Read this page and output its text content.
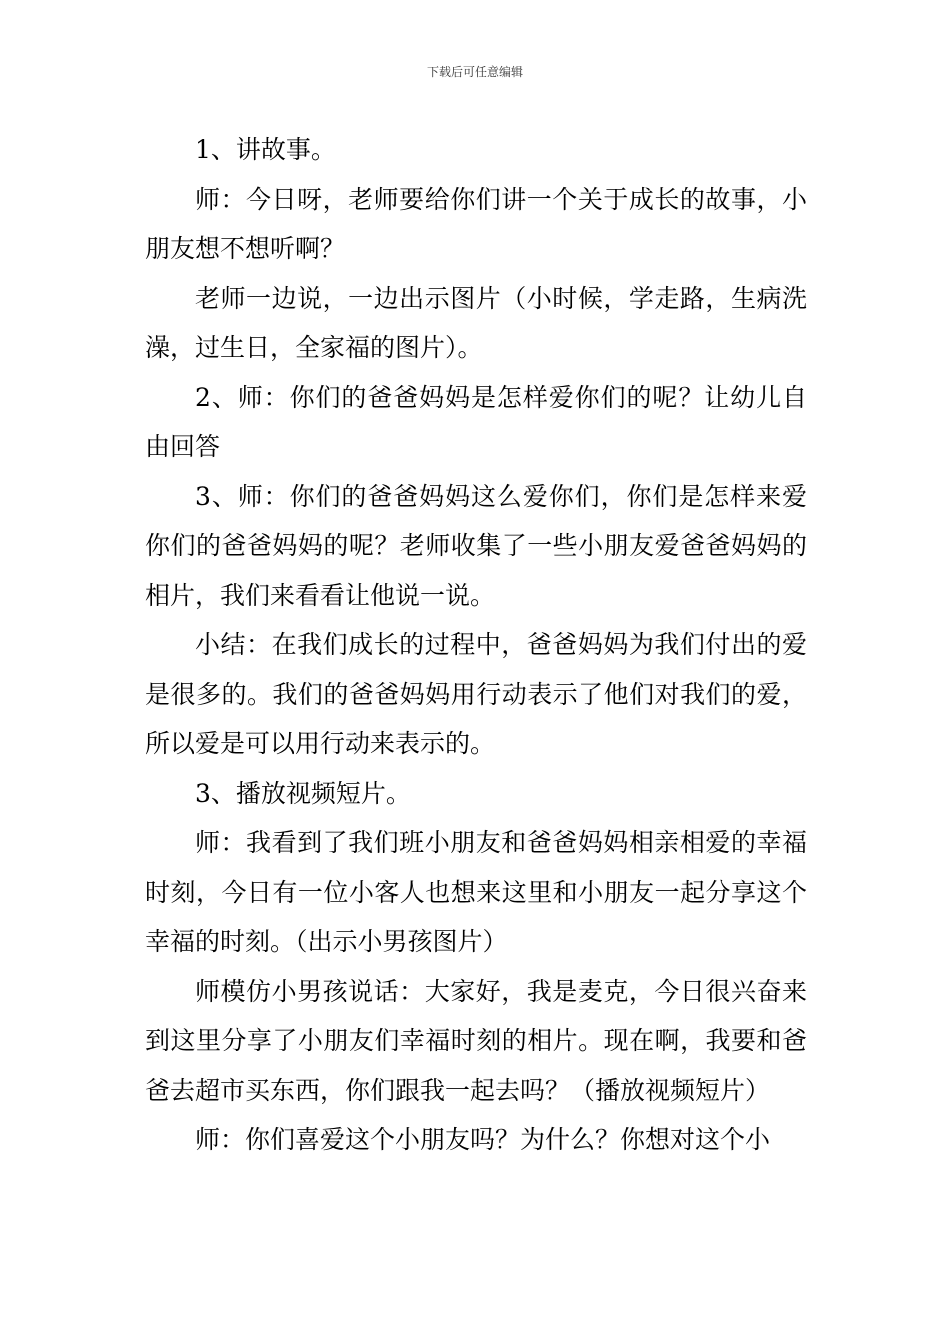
下载后可任意编辑

1、讲故事。

师：今日呀，老师要给你们讲一个关于成长的故事，小朋友想不想听啊？

老师一边说，一边出示图片（小时候，学走路，生病洗澡，过生日，全家福的图片）。

2、师：你们的爸爸妈妈是怎样爱你们的呢？让幼儿自由回答

3、师：你们的爸爸妈妈这么爱你们，你们是怎样来爱你们的爸爸妈妈的呢？老师收集了一些小朋友爱爸爸妈妈的相片，我们来看看让他说一说。

小结：在我们成长的过程中，爸爸妈妈为我们付出的爱是很多的。我们的爸爸妈妈用行动表示了他们对我们的爱，所以爱是可以用行动来表示的。

3、播放视频短片。

师：我看到了我们班小朋友和爸爸妈妈相亲相爱的幸福时刻，今日有一位小客人也想来这里和小朋友一起分享这个幸福的时刻。（出示小男孩图片）

师模仿小男孩说话：大家好，我是麦克，今日很兴奋来到这里分享了小朋友们幸福时刻的相片。现在啊，我要和爸爸去超市买东西，你们跟我一起去吗？（播放视频短片）

师：你们喜爱这个小朋友吗？为什么？你想对这个小
